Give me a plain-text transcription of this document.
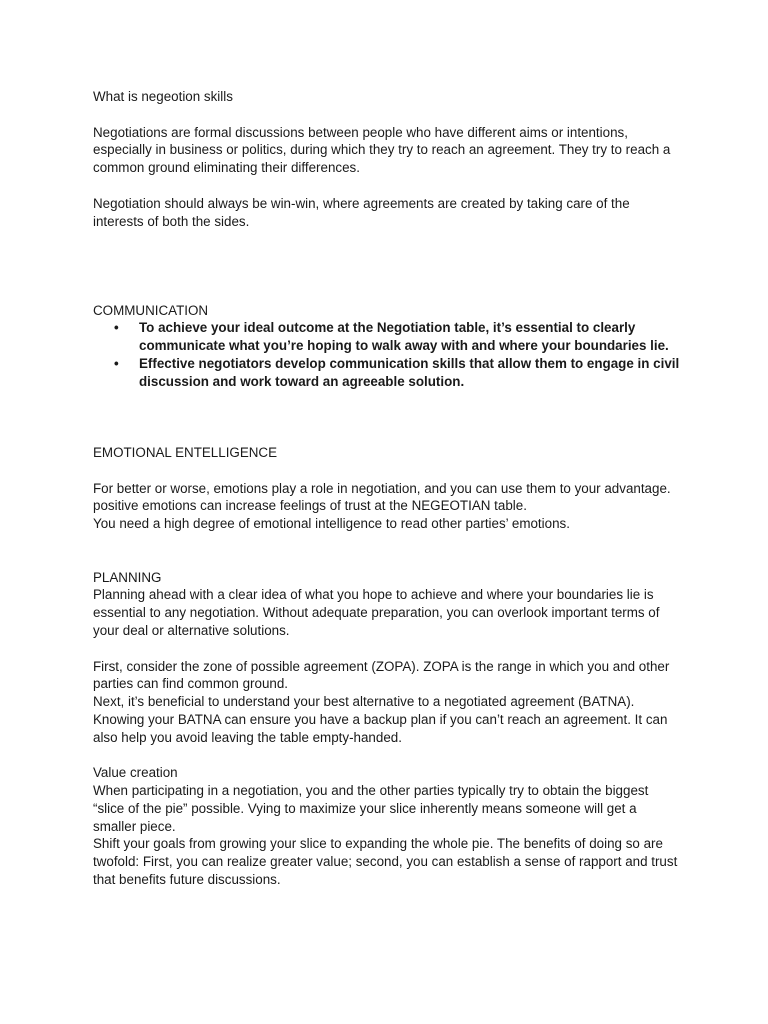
What is negeotion skills

Negotiations are formal discussions between people who have different aims or intentions, especially in business or politics, during which they try to reach an agreement. They try to reach a common ground eliminating their differences.

Negotiation should always be win-win, where agreements are created by taking care of the interests of both the sides.

COMMUNICATION

• To achieve your ideal outcome at the Negotiation table, it’s essential to clearly communicate what you’re hoping to walk away with and where your boundaries lie.
• Effective negotiators develop communication skills that allow them to engage in civil discussion and work toward an agreeable solution.

EMOTIONAL ENTELLIGENCE

For better or worse, emotions play a role in negotiation, and you can use them to your advantage.

positive emotions can increase feelings of trust at the NEGEOTIAN table.

You need a high degree of emotional intelligence to read other parties’ emotions.

PLANNING

Planning ahead with a clear idea of what you hope to achieve and where your boundaries lie is essential to any negotiation. Without adequate preparation, you can overlook important terms of your deal or alternative solutions.

First, consider the zone of possible agreement (ZOPA). ZOPA is the range in which you and other parties can find common ground.

Next, it’s beneficial to understand your best alternative to a negotiated agreement (BATNA). Knowing your BATNA can ensure you have a backup plan if you can’t reach an agreement. It can also help you avoid leaving the table empty-handed.

Value creation

When participating in a negotiation, you and the other parties typically try to obtain the biggest “slice of the pie” possible. Vying to maximize your slice inherently means someone will get a smaller piece.

Shift your goals from growing your slice to expanding the whole pie. The benefits of doing so are twofold: First, you can realize greater value; second, you can establish a sense of rapport and trust that benefits future discussions.
